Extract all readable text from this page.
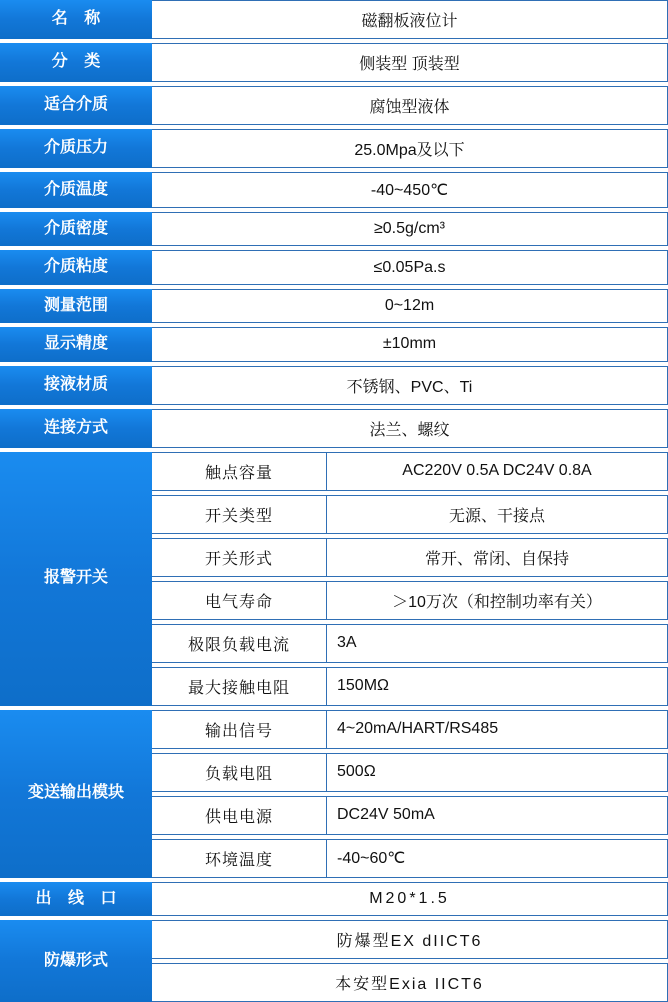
名 称	磁翻板液位计
分 类	侧装型 顶装型
适合介质	腐蚀型液体
介质压力	25.0Mpa及以下
介质温度	-40~450℃
介质密度	≥0.5g/cm³
介质粘度	≤0.05Pa.s
测量范围	0~12m
显示精度	±10mm
接液材质	不锈钢、PVC、Ti
连接方式	法兰、螺纹
报警开关
触点容量	AC220V 0.5A DC24V 0.8A
开关类型	无源、干接点
开关形式	常开、常闭、自保持
电气寿命	＞10万次（和控制功率有关）
极限负载电流	3A
最大接触电阻	150MΩ
变送输出模块
输出信号	4~20mA/HART/RS485
负载电阻	500Ω
供电电源	DC24V 50mA
环境温度	-40~60℃
出 线 口	M20*1.5
防爆形式
防爆型EX dIICT6
本安型Exia IICT6
